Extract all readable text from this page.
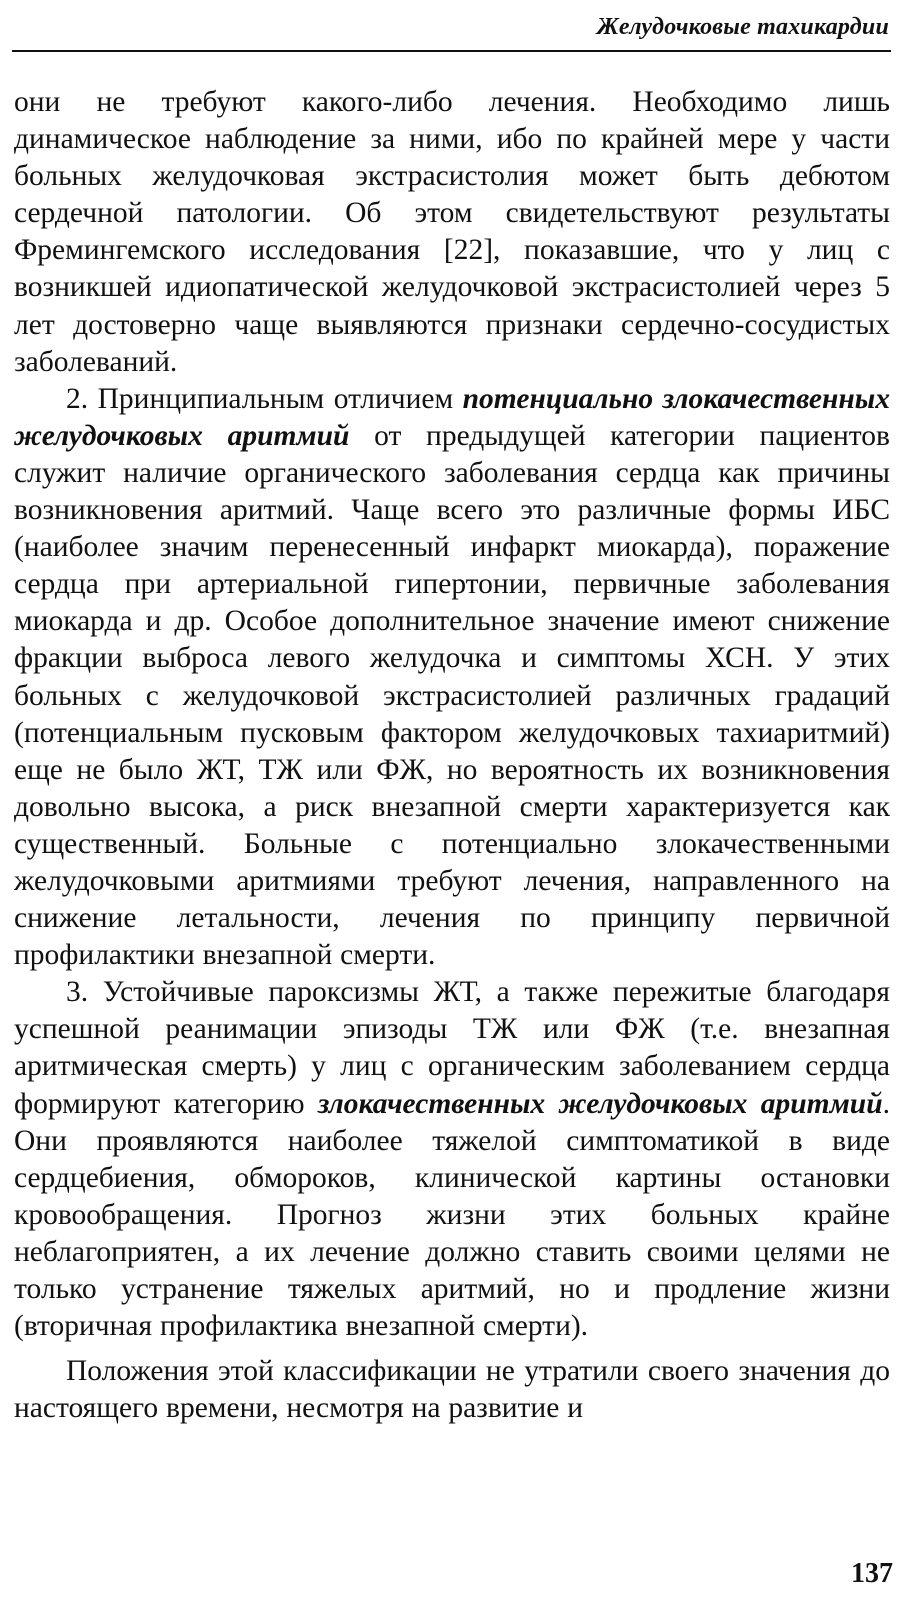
Желудочковые тахикардии

они не требуют какого-либо лечения. Необходимо лишь динамическое наблюдение за ними, ибо по крайней мере у части больных желудочковая экстрасистолия может быть дебютом сердечной патологии. Об этом свидетельствуют результаты Фремингемского исследования [22], показавшие, что у лиц с возникшей идиопатической желудочковой экстрасистолией через 5 лет достоверно чаще выявляются признаки сердечно-сосудистых заболеваний.

2. Принципиальным отличием потенциально злокачественных желудочковых аритмий от предыдущей категории пациентов служит наличие органического заболевания сердца как причины возникновения аритмий. Чаще всего это различные формы ИБС (наиболее значим перенесенный инфаркт миокарда), поражение сердца при артериальной гипертонии, первичные заболевания миокарда и др. Особое дополнительное значение имеют снижение фракции выброса левого желудочка и симптомы ХСН. У этих больных с желудочковой экстрасистолией различных градаций (потенциальным пусковым фактором желудочковых тахиаритмий) еще не было ЖТ, ТЖ или ФЖ, но вероятность их возникновения довольно высока, а риск внезапной смерти характеризуется как существенный. Больные с потенциально злокачественными желудочковыми аритмиями требуют лечения, направленного на снижение летальности, лечения по принципу первичной профилактики внезапной смерти.

3. Устойчивые пароксизмы ЖТ, а также пережитые благодаря успешной реанимации эпизоды ТЖ или ФЖ (т.е. внезапная аритмическая смерть) у лиц с органическим заболеванием сердца формируют категорию злокачественных желудочковых аритмий. Они проявляются наиболее тяжелой симптоматикой в виде сердцебиения, обмороков, клинической картины остановки кровообращения. Прогноз жизни этих больных крайне неблагоприятен, а их лечение должно ставить своими целями не только устранение тяжелых аритмий, но и продление жизни (вторичная профилактика внезапной смерти).

Положения этой классификации не утратили своего значения до настоящего времени, несмотря на развитие и

137
